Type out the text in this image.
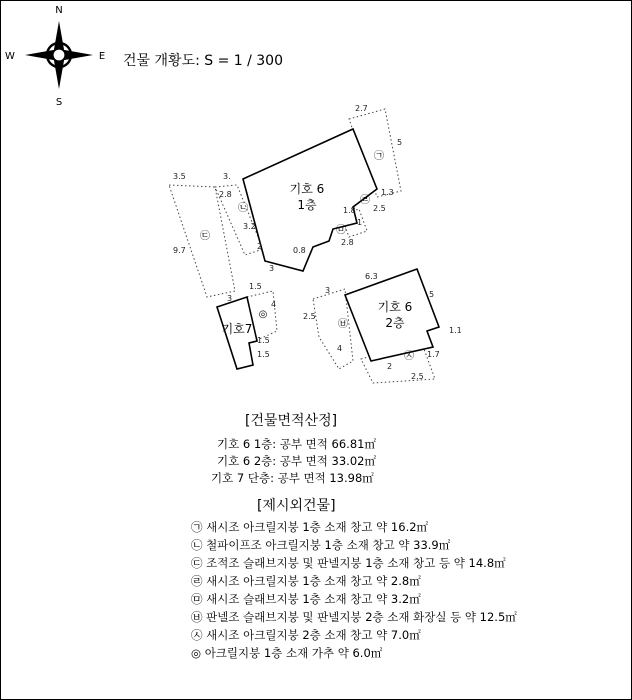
N
S
W	E 건물 개황도: S = 1 / 300
기호 6
1층
3.
1.8
1
2.8
0.8
3
2
3.2
2.8	1.3
2.5
3.5
9.7
2.7
5
기호 6
2층
6.3
5
1.1
1.7
2.5
2
4
2.5
3
기호7
3
4
1.5
1.5
1.5
㉠
㉡
㉢
㉣
㉤
㉥
㉦
◎
[건물면적산정]
기호 6 1층: 공부 면적 66.81㎡
기호 6 2층: 공부 면적 33.02㎡
기호 7 단층: 공부 면적 13.98㎡
[제시외건물]
㉠ 새시조 아크릴지붕 1층 소재 창고 약 16.2㎡
㉡ 철파이프조 아크릴지붕 1층 소재 창고 약 33.9㎡
㉢ 조적조 슬래브지붕 및 판넬지붕 1층 소재 창고 등 약 14.8㎡
㉣ 새시조 아크릴지붕 1층 소재 창고 약 2.8㎡
㉤ 새시조 슬래브지붕 1층 소재 창고 약 3.2㎡
㉥ 판넬조 슬래브지붕 및 판넬지붕 2층 소재 화장실 등 약 12.5㎡
㉦ 새시조 아크릴지붕 2층 소재 창고 약 7.0㎡
◎ 아크릴지붕 1층 소재 가추 약 6.0㎡
